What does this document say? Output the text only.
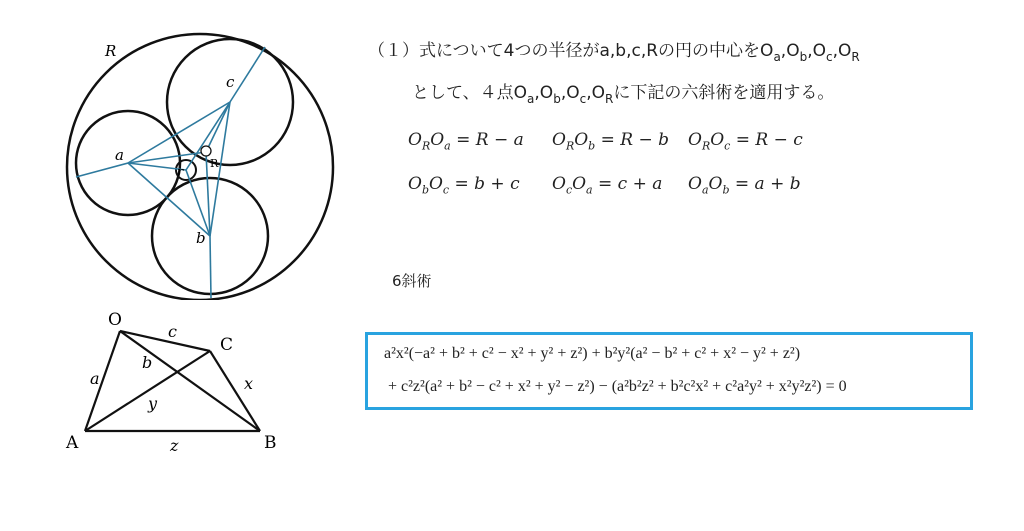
R
c
a
b
r
R
O
C
A	B
c
a
b
x
y
z
（１）式について4つの半径がa,b,c,Rの円の中心を$O_a,O_b,O_c,O_R$
として、４点$O_a,O_b,O_c,O_R$に下記の六斜術を適用する。
$O_RO_a = R - a$ $O_RO_b = R - b$ $O_RO_c = R - c$
$O_bO_c = b + c$ $O_cO_a = c + a$ $O_aO_b = a + b$
6斜術
a²x²(−a² + b² + c² − x² + y² + z²) + b²y²(a² − b² + c² + x² − y² + z²)
+ c²z²(a² + b² − c² + x² + y² − z²) − (a²b²z² + b²c²x² + c²a²y² + x²y²z²) = 0
